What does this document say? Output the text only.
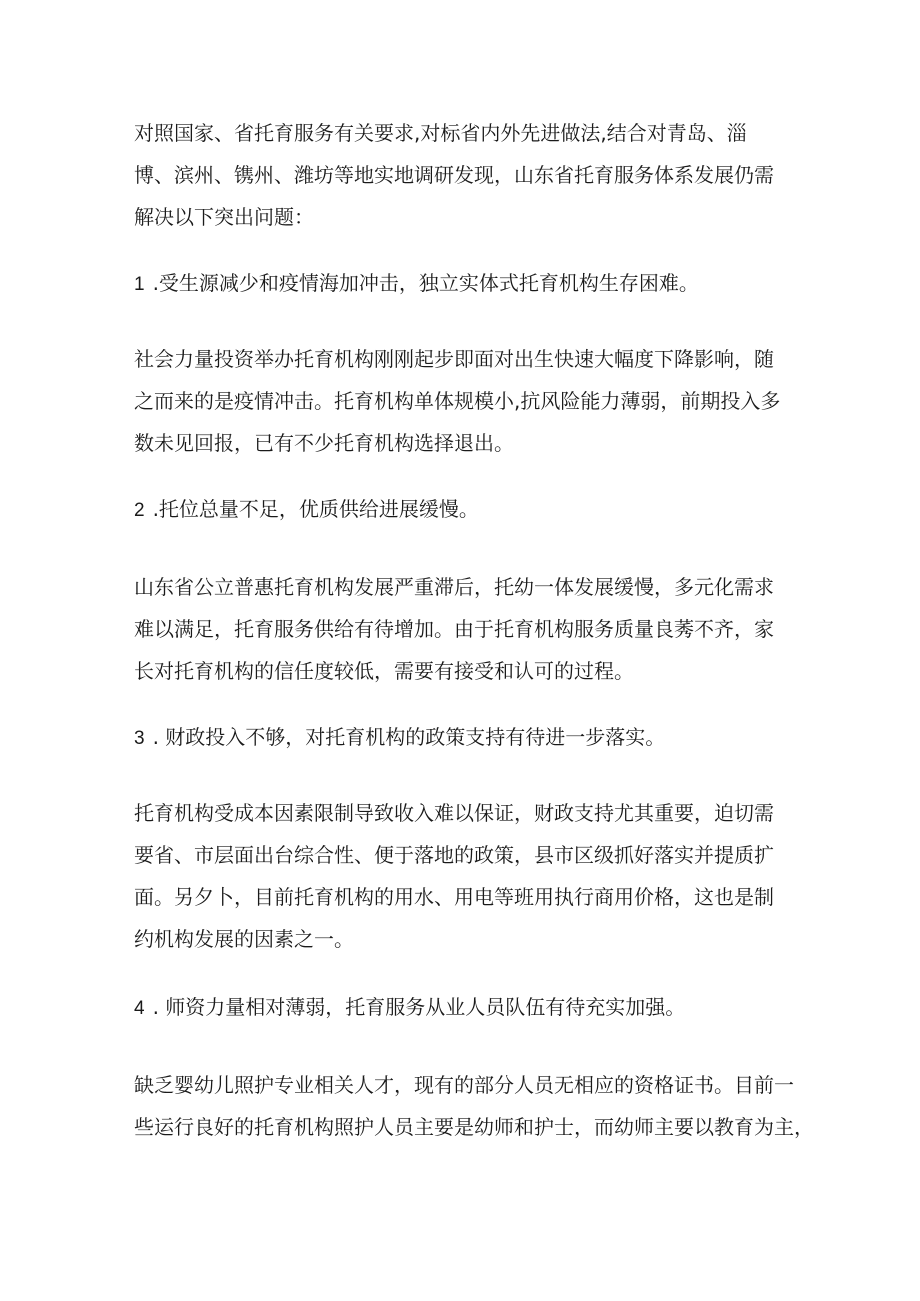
对照国家、省托育服务有关要求,对标省内外先进做法,结合对青岛、淄
博、滨州、镌州、潍坊等地实地调研发现，山东省托育服务体系发展仍需
解决以下突出问题：

1 .受生源减少和疫情海加冲击，独立实体式托育机构生存困难。

社会力量投资举办托育机构刚刚起步即面对出生快速大幅度下降影响，随
之而来的是疫情冲击。托育机构单体规模小,抗风险能力薄弱，前期投入多
数未见回报，已有不少托育机构选择退出。

2 .托位总量不足，优质供给进展缓慢。

山东省公立普惠托育机构发展严重滞后，托幼一体发展缓慢，多元化需求
难以满足，托育服务供给有待增加。由于托育机构服务质量良莠不齐，家
长对托育机构的信任度较低，需要有接受和认可的过程。

3 . 财政投入不够，对托育机构的政策支持有待进一步落实。

托育机构受成本因素限制导致收入难以保证，财政支持尤其重要，迫切需
要省、市层面出台综合性、便于落地的政策，县市区级抓好落实并提质扩
面。另夕卜，目前托育机构的用水、用电等班用执行商用价格，这也是制
约机构发展的因素之一。

4 . 师资力量相对薄弱，托育服务从业人员队伍有待充实加强。

缺乏婴幼儿照护专业相关人才，现有的部分人员无相应的资格证书。目前一
些运行良好的托育机构照护人员主要是幼师和护士，而幼师主要以教育为主，
